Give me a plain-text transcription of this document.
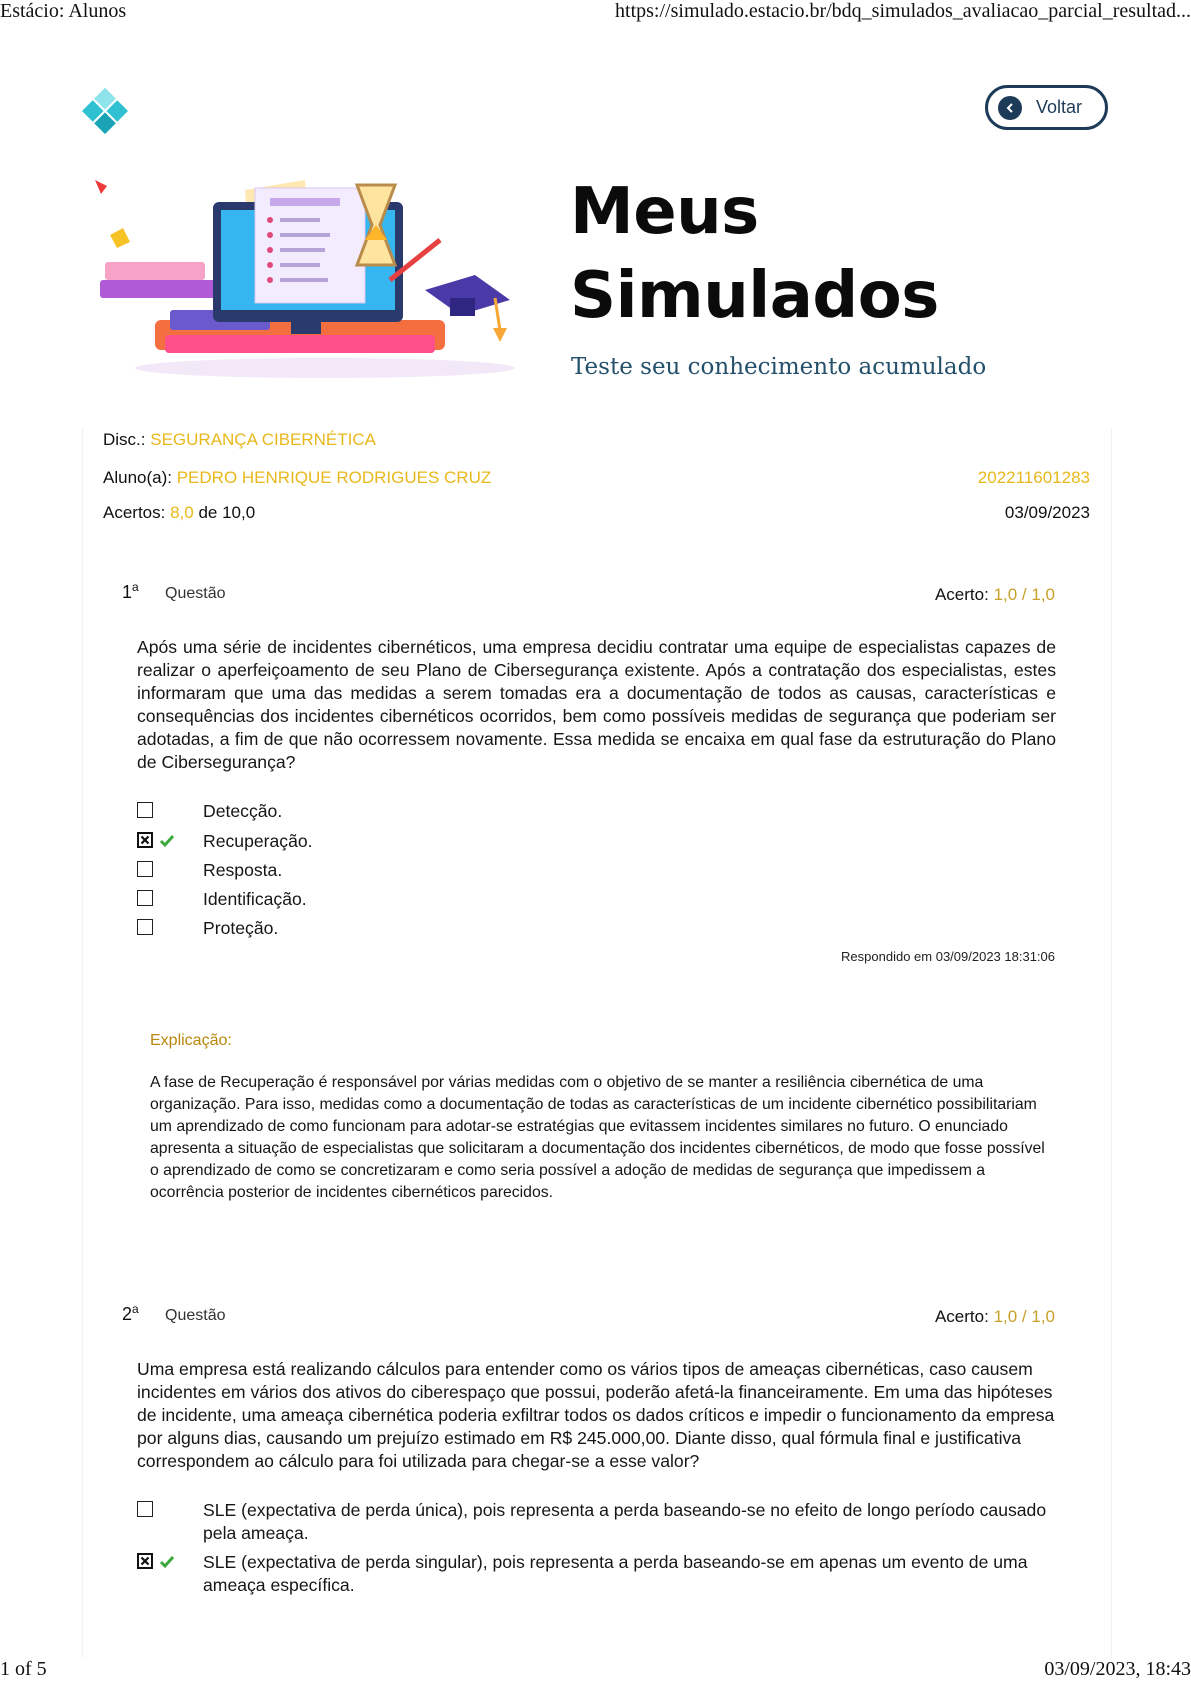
Estácio: Alunos	https://simulado.estacio.br/bdq_simulados_avaliacao_parcial_resultad...
Voltar
Meus
Simulados
Teste seu conhecimento acumulado
Disc.: SEGURANÇA CIBERNÉTICA
Aluno(a): PEDRO HENRIQUE RODRIGUES CRUZ	202211601283
Acertos: 8,0 de 10,0	03/09/2023
1$^a$ Questão	Acerto: 1,0 / 1,0
Após uma série de incidentes cibernéticos, uma empresa decidiu contratar uma equipe de especialistas capazes de realizar o aperfeiçoamento de seu Plano de Cibersegurança existente. Após a contratação dos especialistas, estes informaram que uma das medidas a serem tomadas era a documentação de todos as causas, características e consequências dos incidentes cibernéticos ocorridos, bem como possíveis medidas de segurança que poderiam ser adotadas, a fim de que não ocorressem novamente. Essa medida se encaixa em qual fase da estruturação do Plano de Cibersegurança?
Detecção.
Recuperação.
Resposta.
Identificação.
Proteção.
Respondido em 03/09/2023 18:31:06
Explicação:
A fase de Recuperação é responsável por várias medidas com o objetivo de se manter a resiliência cibernética de uma organização. Para isso, medidas como a documentação de todas as características de um incidente cibernético possibilitariam um aprendizado de como funcionam para adotar-se estratégias que evitassem incidentes similares no futuro. O enunciado apresenta a situação de especialistas que solicitaram a documentação dos incidentes cibernéticos, de modo que fosse possível o aprendizado de como se concretizaram e como seria possível a adoção de medidas de segurança que impedissem a ocorrência posterior de incidentes cibernéticos parecidos.
2$^a$ Questão	Acerto: 1,0 / 1,0
Uma empresa está realizando cálculos para entender como os vários tipos de ameaças cibernéticas, caso causem incidentes em vários dos ativos do ciberespaço que possui, poderão afetá-la financeiramente. Em uma das hipóteses de incidente, uma ameaça cibernética poderia exfiltrar todos os dados críticos e impedir o funcionamento da empresa por alguns dias, causando um prejuízo estimado em R$ 245.000,00. Diante disso, qual fórmula final e justificativa correspondem ao cálculo para foi utilizada para chegar-se a esse valor?
SLE (expectativa de perda única), pois representa a perda baseando-se no efeito de longo período causado pela ameaça.
SLE (expectativa de perda singular), pois representa a perda baseando-se em apenas um evento de uma ameaça específica.
1 of 5	03/09/2023, 18:43
